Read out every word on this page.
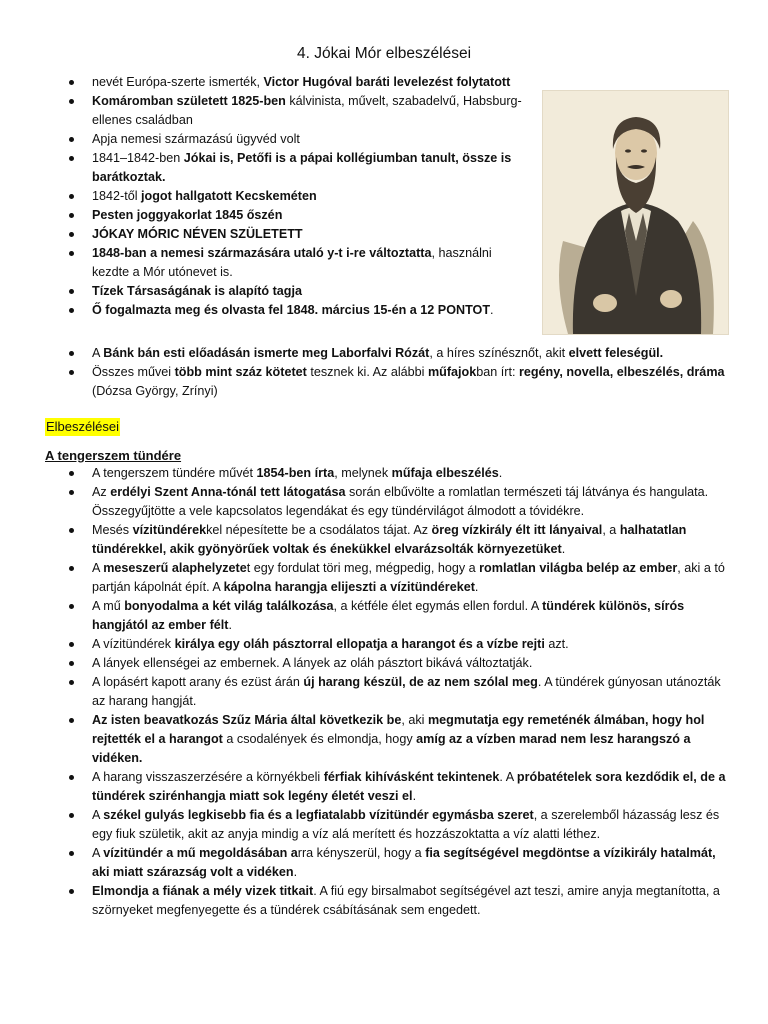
4. Jókai Mór elbeszélései
nevét Európa-szerte ismerték, Victor Hugóval baráti levelezést folytatott
Komáromban született 1825-ben kálvinista, művelt, szabadelvű, Habsburg-ellenes családban
Apja nemesi származású ügyvéd volt
1841–1842-ben Jókai is, Petőfi is a pápai kollégiumban tanult, össze is barátkoztak.
1842-től jogot hallgatott Kecskeméten
Pesten joggyakorlat 1845 őszén
JÓKAY MÓRIC NÉVEN SZÜLETETT
1848-ban a nemesi származására utaló y-t i-re változtatta, használni kezdte a Mór utónevet is.
Tízek Társaságának is alapító tagja
Ő fogalmazta meg és olvasta fel 1848. március 15-én a 12 PONTOT.
A Bánk bán esti előadásán ismerte meg Laborfalvi Rózát, a híres színésznőt, akit elvett feleségül.
Összes művei több mint száz kötetet tesznek ki. Az alábbi műfajokban írt: regény, novella, elbeszélés, dráma (Dózsa György, Zrínyi)
Elbeszélései
A tengerszem tündére
A tengerszem tündére művét 1854-ben írta, melynek műfaja elbeszélés.
Az erdélyi Szent Anna-tónál tett látogatása során elbűvölte a romlatlan természeti táj látványa és hangulata. Összegyűjtötte a vele kapcsolatos legendákat és egy tündérvilágot álmodott a tóvidékre.
Mesés vízitündérekkel népesítette be a csodálatos tájat. Az öreg vízkirály élt itt lányaival, a halhatatlan tündérekkel, akik gyönyörűek voltak és énekükkel elvarázsolták környezetüket.
A meseszerű alaphelyzetet egy fordulat töri meg, mégpedig, hogy a romlatlan világba belép az ember, aki a tó partján kápolnát épít. A kápolna harangja elijeszti a vízitündéreket.
A mű bonyodalma a két világ találkozása, a kétféle élet egymás ellen fordul. A tündérek különös, sírós hangjától az ember félt.
A vízitündérek királya egy oláh pásztorral ellopatja a harangot és a vízbe rejti azt.
A lányek ellenségei az embernek. A lányek az oláh pásztort bikává változtatják.
A lopásért kapott arany és ezüst árán új harang készül, de az nem szólal meg. A tündérek gúnyosan utánozták az harang hangját.
Az isten beavatkozás Szűz Mária által következik be, aki megmutatja egy remeténék álmában, hogy hol rejtették el a harangot a csodalények és elmondja, hogy amíg az a vízben marad nem lesz harangszó a vidéken.
A harang visszaszerzésére a környékbeli férfiak kihívásként tekintenek. A próbatételek sora kezdődik el, de a tündérek szirénhangja miatt sok legény életét veszi el.
A székel gulyás legkisebb fia és a legfiatalabb vízitündér egymásba szeret, a szerelemből házasság lesz és egy fiuk születik, akit az anyja mindig a víz alá merített és hozzászoktatta a víz alatti léthez.
A vízitündér a mű megoldásában arra kényszerül, hogy a fia segítségével megdöntse a vízikirály hatalmát, aki miatt szárazság volt a vidéken.
Elmondja a fiának a mély vizek titkait. A fiú egy birsalmabot segítségével azt teszi, amire anyja megtanította, a szörnyeket megfenyegette és a tündérek csábításának sem engedett.
